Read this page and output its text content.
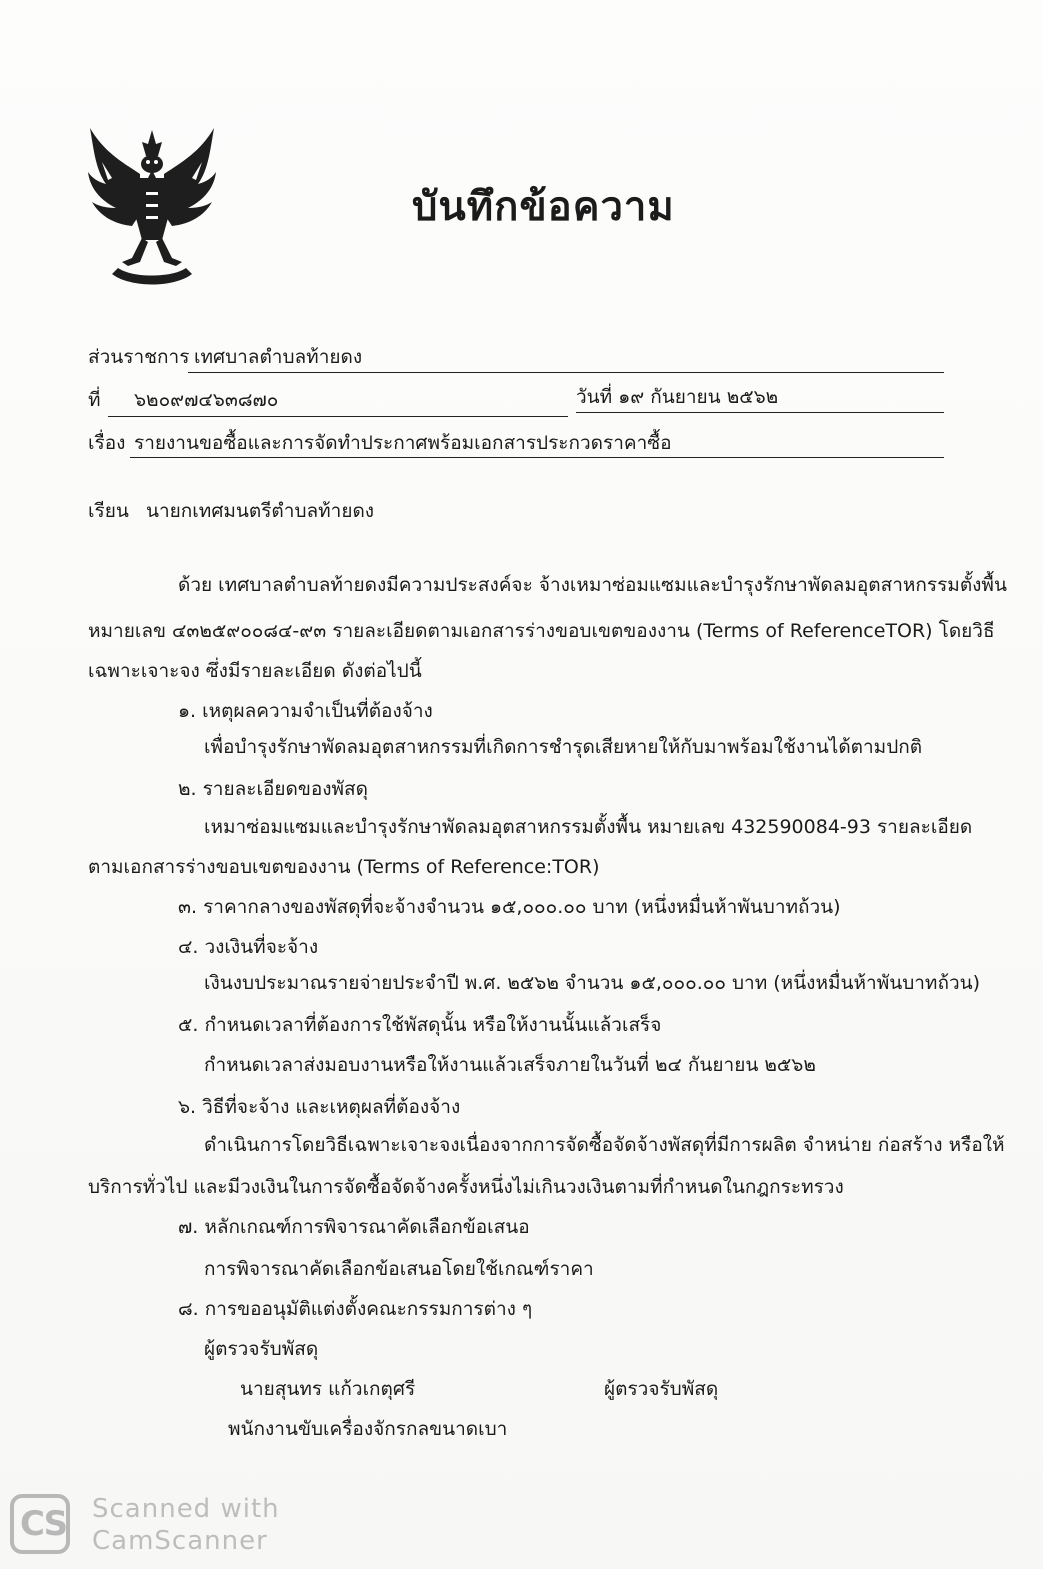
บันทึกข้อความ
ส่วนราชการ เทศบาลตำบลท้ายดง
ที่ ๖๒๐๙๗๔๖๓๘๗๐	วันที่ ๑๙ กันยายน ๒๕๖๒
เรื่อง รายงานขอซื้อและการจัดทำประกาศพร้อมเอกสารประกวดราคาซื้อ
เรียน นายกเทศมนตรีตำบลท้ายดง
ด้วย เทศบาลตำบลท้ายดงมีความประสงค์จะ จ้างเหมาซ่อมแซมและบำรุงรักษาพัดลมอุตสาหกรรมตั้งพื้น
หมายเลข ๔๓๒๕๙๐๐๘๔-๙๓ รายละเอียดตามเอกสารร่างขอบเขตของงาน (Terms of ReferenceTOR) โดยวิธี
เฉพาะเจาะจง ซึ่งมีรายละเอียด ดังต่อไปนี้
๑. เหตุผลความจำเป็นที่ต้องจ้าง
เพื่อบำรุงรักษาพัดลมอุตสาหกรรมที่เกิดการชำรุดเสียหายให้กับมาพร้อมใช้งานได้ตามปกติ
๒. รายละเอียดของพัสดุ
เหมาซ่อมแซมและบำรุงรักษาพัดลมอุตสาหกรรมตั้งพื้น หมายเลข 432590084-93 รายละเอียด
ตามเอกสารร่างขอบเขตของงาน (Terms of Reference:TOR)
๓. ราคากลางของพัสดุที่จะจ้างจำนวน ๑๕,๐๐๐.๐๐ บาท (หนึ่งหมื่นห้าพันบาทถ้วน)
๔. วงเงินที่จะจ้าง
เงินงบประมาณรายจ่ายประจำปี พ.ศ. ๒๕๖๒ จำนวน ๑๕,๐๐๐.๐๐ บาท (หนึ่งหมื่นห้าพันบาทถ้วน)
๕. กำหนดเวลาที่ต้องการใช้พัสดุนั้น หรือให้งานนั้นแล้วเสร็จ
กำหนดเวลาส่งมอบงานหรือให้งานแล้วเสร็จภายในวันที่ ๒๔ กันยายน ๒๕๖๒
๖. วิธีที่จะจ้าง และเหตุผลที่ต้องจ้าง
ดำเนินการโดยวิธีเฉพาะเจาะจงเนื่องจากการจัดซื้อจัดจ้างพัสดุที่มีการผลิต จำหน่าย ก่อสร้าง หรือให้
บริการทั่วไป และมีวงเงินในการจัดซื้อจัดจ้างครั้งหนึ่งไม่เกินวงเงินตามที่กำหนดในกฎกระทรวง
๗. หลักเกณฑ์การพิจารณาคัดเลือกข้อเสนอ
การพิจารณาคัดเลือกข้อเสนอโดยใช้เกณฑ์ราคา
๘. การขออนุมัติแต่งตั้งคณะกรรมการต่าง ๆ
ผู้ตรวจรับพัสดุ
นายสุนทร แก้วเกตุศรี	ผู้ตรวจรับพัสดุ
พนักงานขับเครื่องจักรกลขนาดเบา
CS Scanned with
CamScanner
